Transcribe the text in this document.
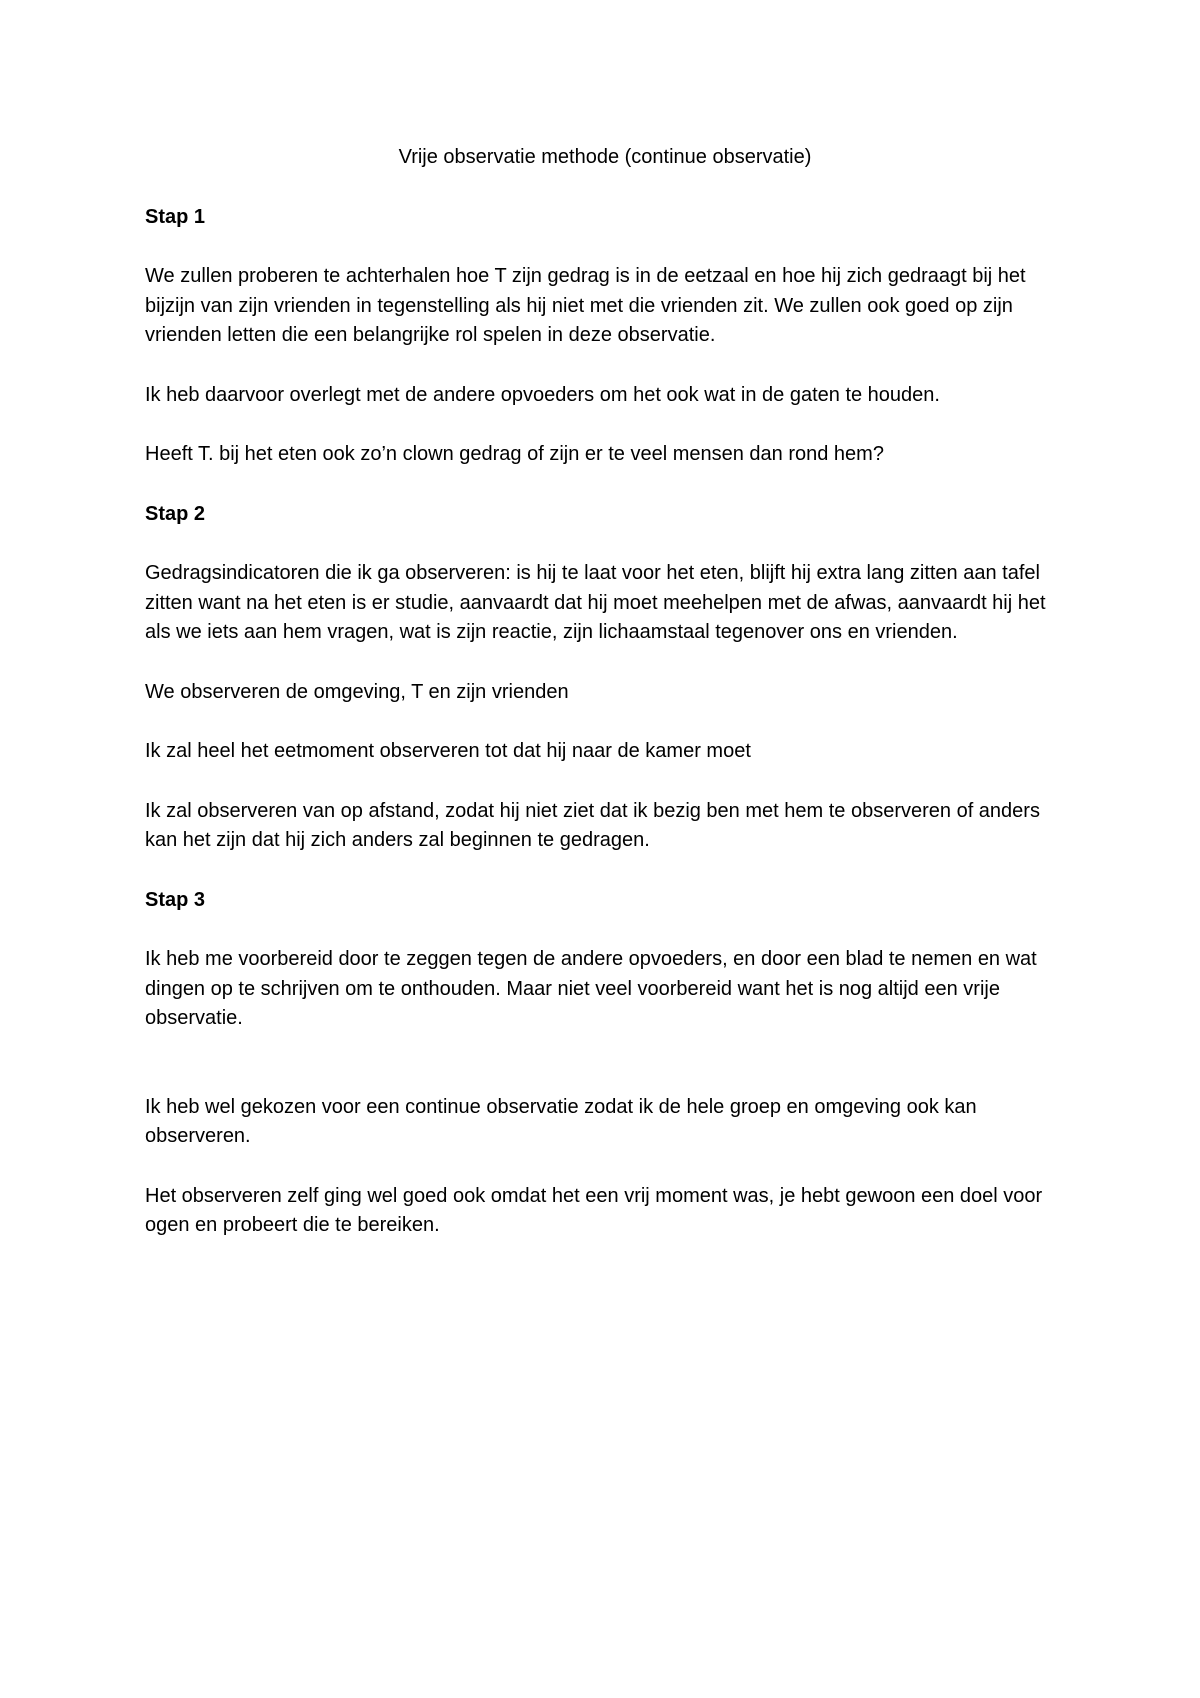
Vrije observatie methode (continue observatie)
Stap 1
We zullen proberen te achterhalen hoe T zijn gedrag is in de eetzaal en hoe hij zich gedraagt bij het bijzijn van zijn vrienden in tegenstelling als hij niet met die vrienden zit. We zullen ook goed op zijn vrienden letten die een belangrijke rol spelen in deze observatie.
Ik heb daarvoor overlegt met de andere opvoeders om het ook wat in de gaten te houden.
Heeft T. bij het eten ook zo’n clown gedrag of zijn er te veel mensen dan rond hem?
Stap 2
Gedragsindicatoren die ik ga observeren: is hij te laat voor het eten, blijft hij extra lang zitten aan tafel zitten want na het eten is er studie, aanvaardt dat hij moet meehelpen met de afwas, aanvaardt hij het als we iets aan hem vragen, wat is zijn reactie, zijn lichaamstaal tegenover ons en vrienden.
We observeren de omgeving, T en zijn vrienden
Ik zal heel het eetmoment observeren tot dat hij naar de kamer moet
Ik zal observeren van op afstand, zodat hij niet ziet dat ik bezig ben met hem te observeren of anders kan het zijn dat hij zich anders zal beginnen te gedragen.
Stap 3
Ik heb me voorbereid door te zeggen tegen de andere opvoeders, en door een blad te nemen en wat dingen op te schrijven om te onthouden. Maar niet veel voorbereid want het is nog altijd een vrije observatie.
Ik heb wel gekozen voor een continue observatie zodat ik de hele groep en omgeving ook kan observeren.
Het observeren zelf ging wel goed ook omdat het een vrij moment was, je hebt gewoon een doel voor ogen en probeert die te bereiken.
